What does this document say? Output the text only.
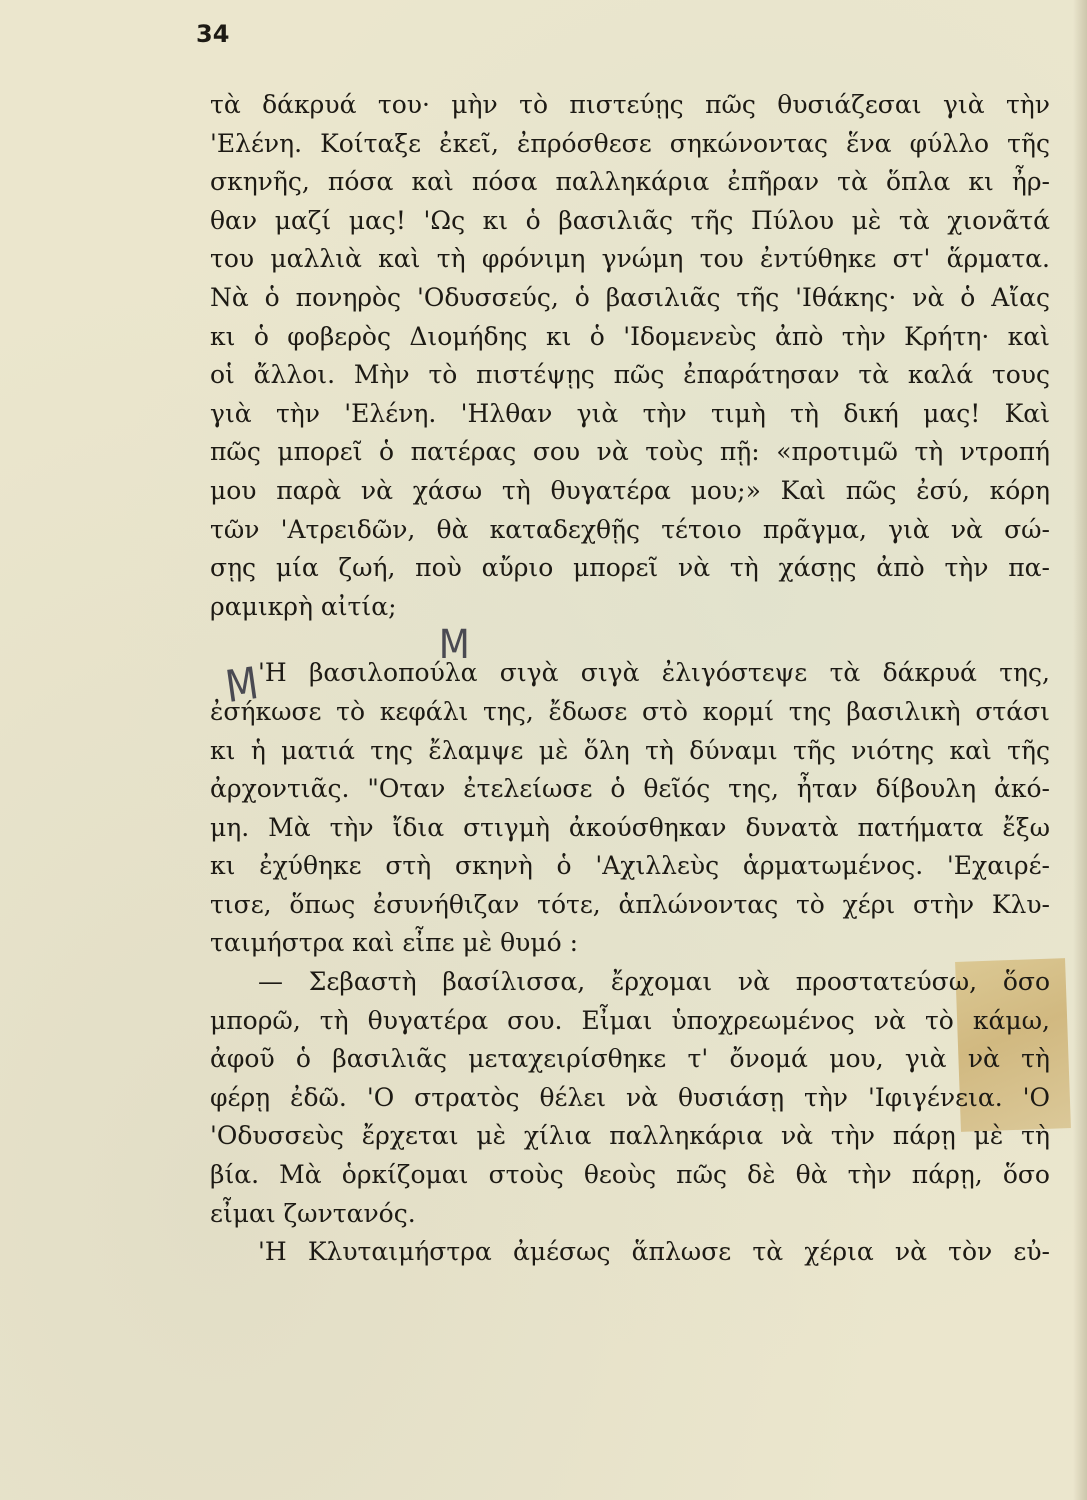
34
τὰ δάκρυά του· μὴν τὸ πιστεύῃς πῶς θυσιάζεσαι γιὰ τὴν
'Ελένη. Κοίταξε ἐκεῖ, ἐπρόσθεσε σηκώνοντας ἕνα φύλλο τῆς
σκηνῆς, πόσα καὶ πόσα παλληκάρια ἐπῆραν τὰ ὅπλα κι ἦρ-
θαν μαζί μας! 'Ως κι ὁ βασιλιᾶς τῆς Πύλου μὲ τὰ χιονᾶτά
του μαλλιὰ καὶ τὴ φρόνιμη γνώμη του ἐντύθηκε στ' ἅρματα.
Νὰ ὁ πονηρὸς 'Οδυσσεύς, ὁ βασιλιᾶς τῆς 'Ιθάκης· νὰ ὁ Αἴας
κι ὁ φοβερὸς Διομήδης κι ὁ 'Ιδομενεὺς ἀπὸ τὴν Κρήτη· καὶ
οἱ ἄλλοι. Μὴν τὸ πιστέψῃς πῶς ἐπαράτησαν τὰ καλά τους
γιὰ τὴν 'Ελένη. 'Ηλθαν γιὰ τὴν τιμὴ τὴ δική μας! Καὶ
πῶς μπορεῖ ὁ πατέρας σου νὰ τοὺς πῇ: «προτιμῶ τὴ ντροπή
μου παρὰ νὰ χάσω τὴ θυγατέρα μου;» Καὶ πῶς ἐσύ, κόρη
τῶν 'Ατρειδῶν, θὰ καταδεχθῇς τέτοιο πρᾶγμα, γιὰ νὰ σώ-
σῃς μία ζωή, ποὺ αὔριο μπορεῖ νὰ τὴ χάσῃς ἀπὸ τὴν πα-
ραμικρὴ αἰτία;
'Η βασιλοπούλα σιγὰ σιγὰ ἐλιγόστεψε τὰ δάκρυά της,
ἐσήκωσε τὸ κεφάλι της, ἔδωσε στὸ κορμί της βασιλικὴ στάσι
κι ἡ ματιά της ἔλαμψε μὲ ὅλη τὴ δύναμι τῆς νιότης καὶ τῆς
ἀρχοντιᾶς. "Οταν ἐτελείωσε ὁ θεῖός της, ἦταν δίβουλη ἀκό-
μη. Μὰ τὴν ἴδια στιγμὴ ἀκούσθηκαν δυνατὰ πατήματα ἔξω
κι ἐχύθηκε στὴ σκηνὴ ὁ 'Αχιλλεὺς ἁρματωμένος. 'Εχαιρέ-
τισε, ὅπως ἐσυνήθιζαν τότε, ἁπλώνοντας τὸ χέρι στὴν Κλυ-
ταιμήστρα καὶ εἶπε μὲ θυμό :
— Σεβαστὴ βασίλισσα, ἔρχομαι νὰ προστατεύσω, ὅσο
μπορῶ, τὴ θυγατέρα σου. Εἶμαι ὑποχρεωμένος νὰ τὸ κάμω,
ἀφοῦ ὁ βασιλιᾶς μεταχειρίσθηκε τ' ὄνομά μου, γιὰ νὰ τὴ
φέρῃ ἐδῶ. 'Ο στρατὸς θέλει νὰ θυσιάσῃ τὴν 'Ιφιγένεια. 'Ο
'Οδυσσεὺς ἔρχεται μὲ χίλια παλληκάρια νὰ τὴν πάρῃ μὲ τὴ
βία. Μὰ ὁρκίζομαι στοὺς θεοὺς πῶς δὲ θὰ τὴν πάρῃ, ὅσο
εἶμαι ζωντανός.
'Η Κλυταιμήστρα ἀμέσως ἅπλωσε τὰ χέρια νὰ τὸν εὐ-
Μ
Μ
